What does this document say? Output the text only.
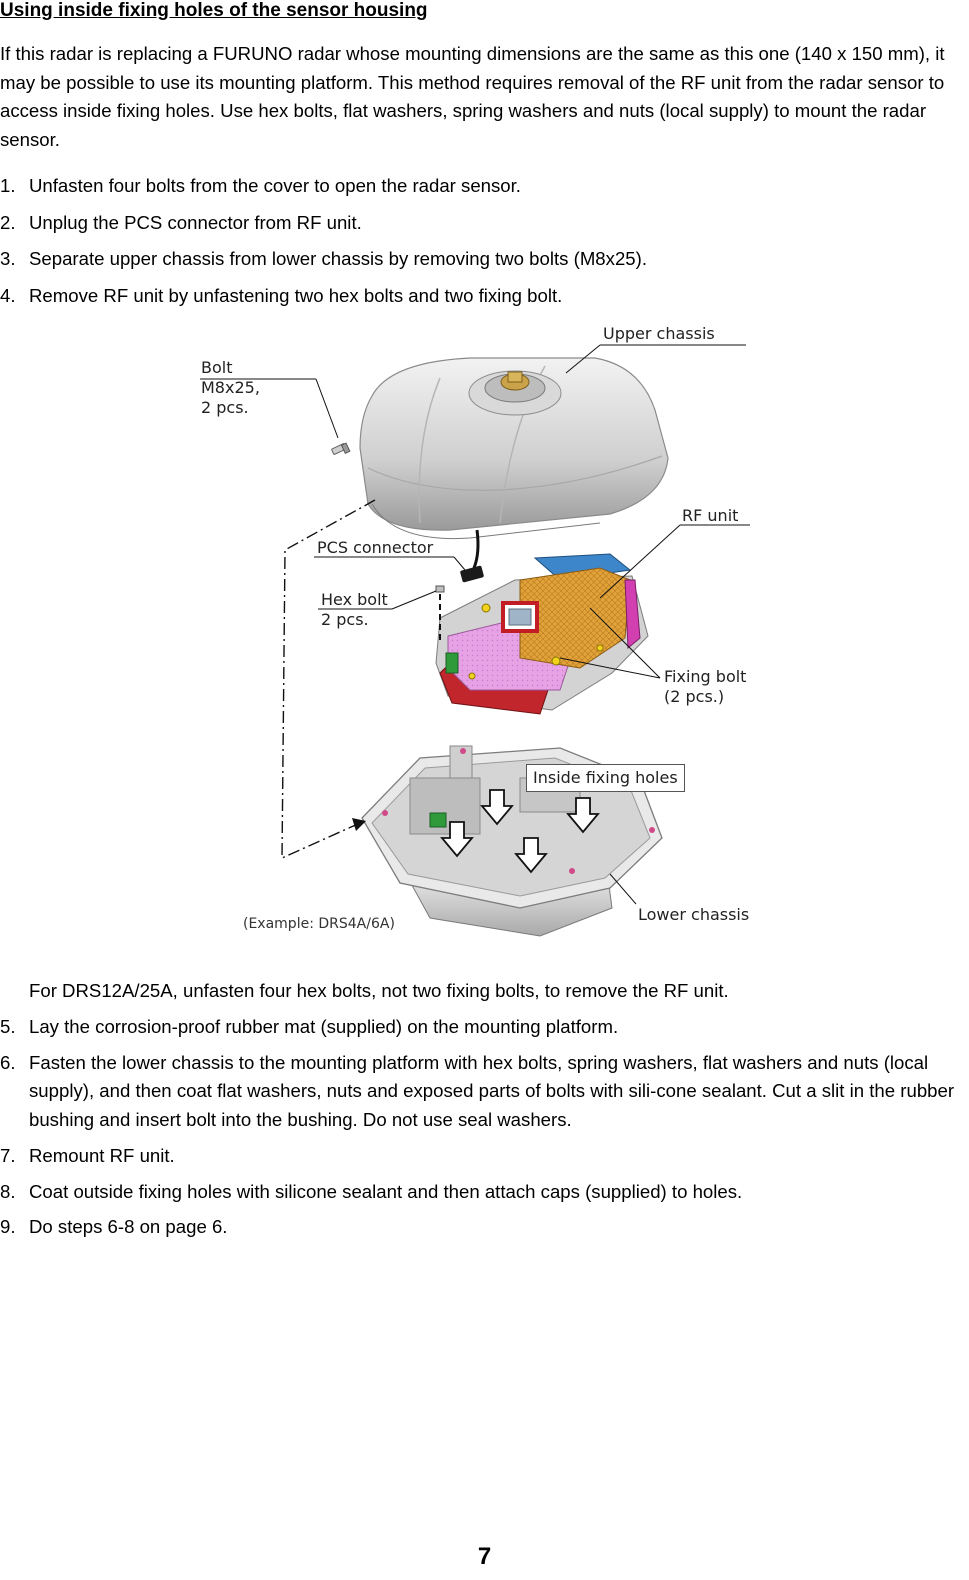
Using inside fixing holes of the sensor housing
If this radar is replacing a FURUNO radar whose mounting dimensions are the same as this one (140 x 150 mm), it may be possible to use its mounting platform. This method requires removal of the RF unit from the radar sensor to access inside fixing holes. Use hex bolts, flat washers, spring washers and nuts (local supply) to mount the radar sensor.
1. Unfasten four bolts from the cover to open the radar sensor.
2. Unplug the PCS connector from RF unit.
3. Separate upper chassis from lower chassis by removing two bolts (M8x25).
4. Remove RF unit by unfastening two hex bolts and two fixing bolt.
Upper chassis
Bolt
M8x25,
2 pcs.
RF unit
PCS connector
Hex bolt
2 pcs.
Fixing bolt
(2 pcs.)
Inside fixing holes
Lower chassis
(Example: DRS4A/6A)
For DRS12A/25A, unfasten four hex bolts, not two fixing bolts, to remove the RF unit.
5. Lay the corrosion-proof rubber mat (supplied) on the mounting platform.
6. Fasten the lower chassis to the mounting platform with hex bolts, spring washers, flat washers and nuts (local supply), and then coat flat washers, nuts and exposed parts of bolts with sili-cone sealant. Cut a slit in the rubber bushing and insert bolt into the bushing. Do not use seal washers.
7. Remount RF unit.
8. Coat outside fixing holes with silicone sealant and then attach caps (supplied) to holes.
9. Do steps 6-8 on page 6.
7
